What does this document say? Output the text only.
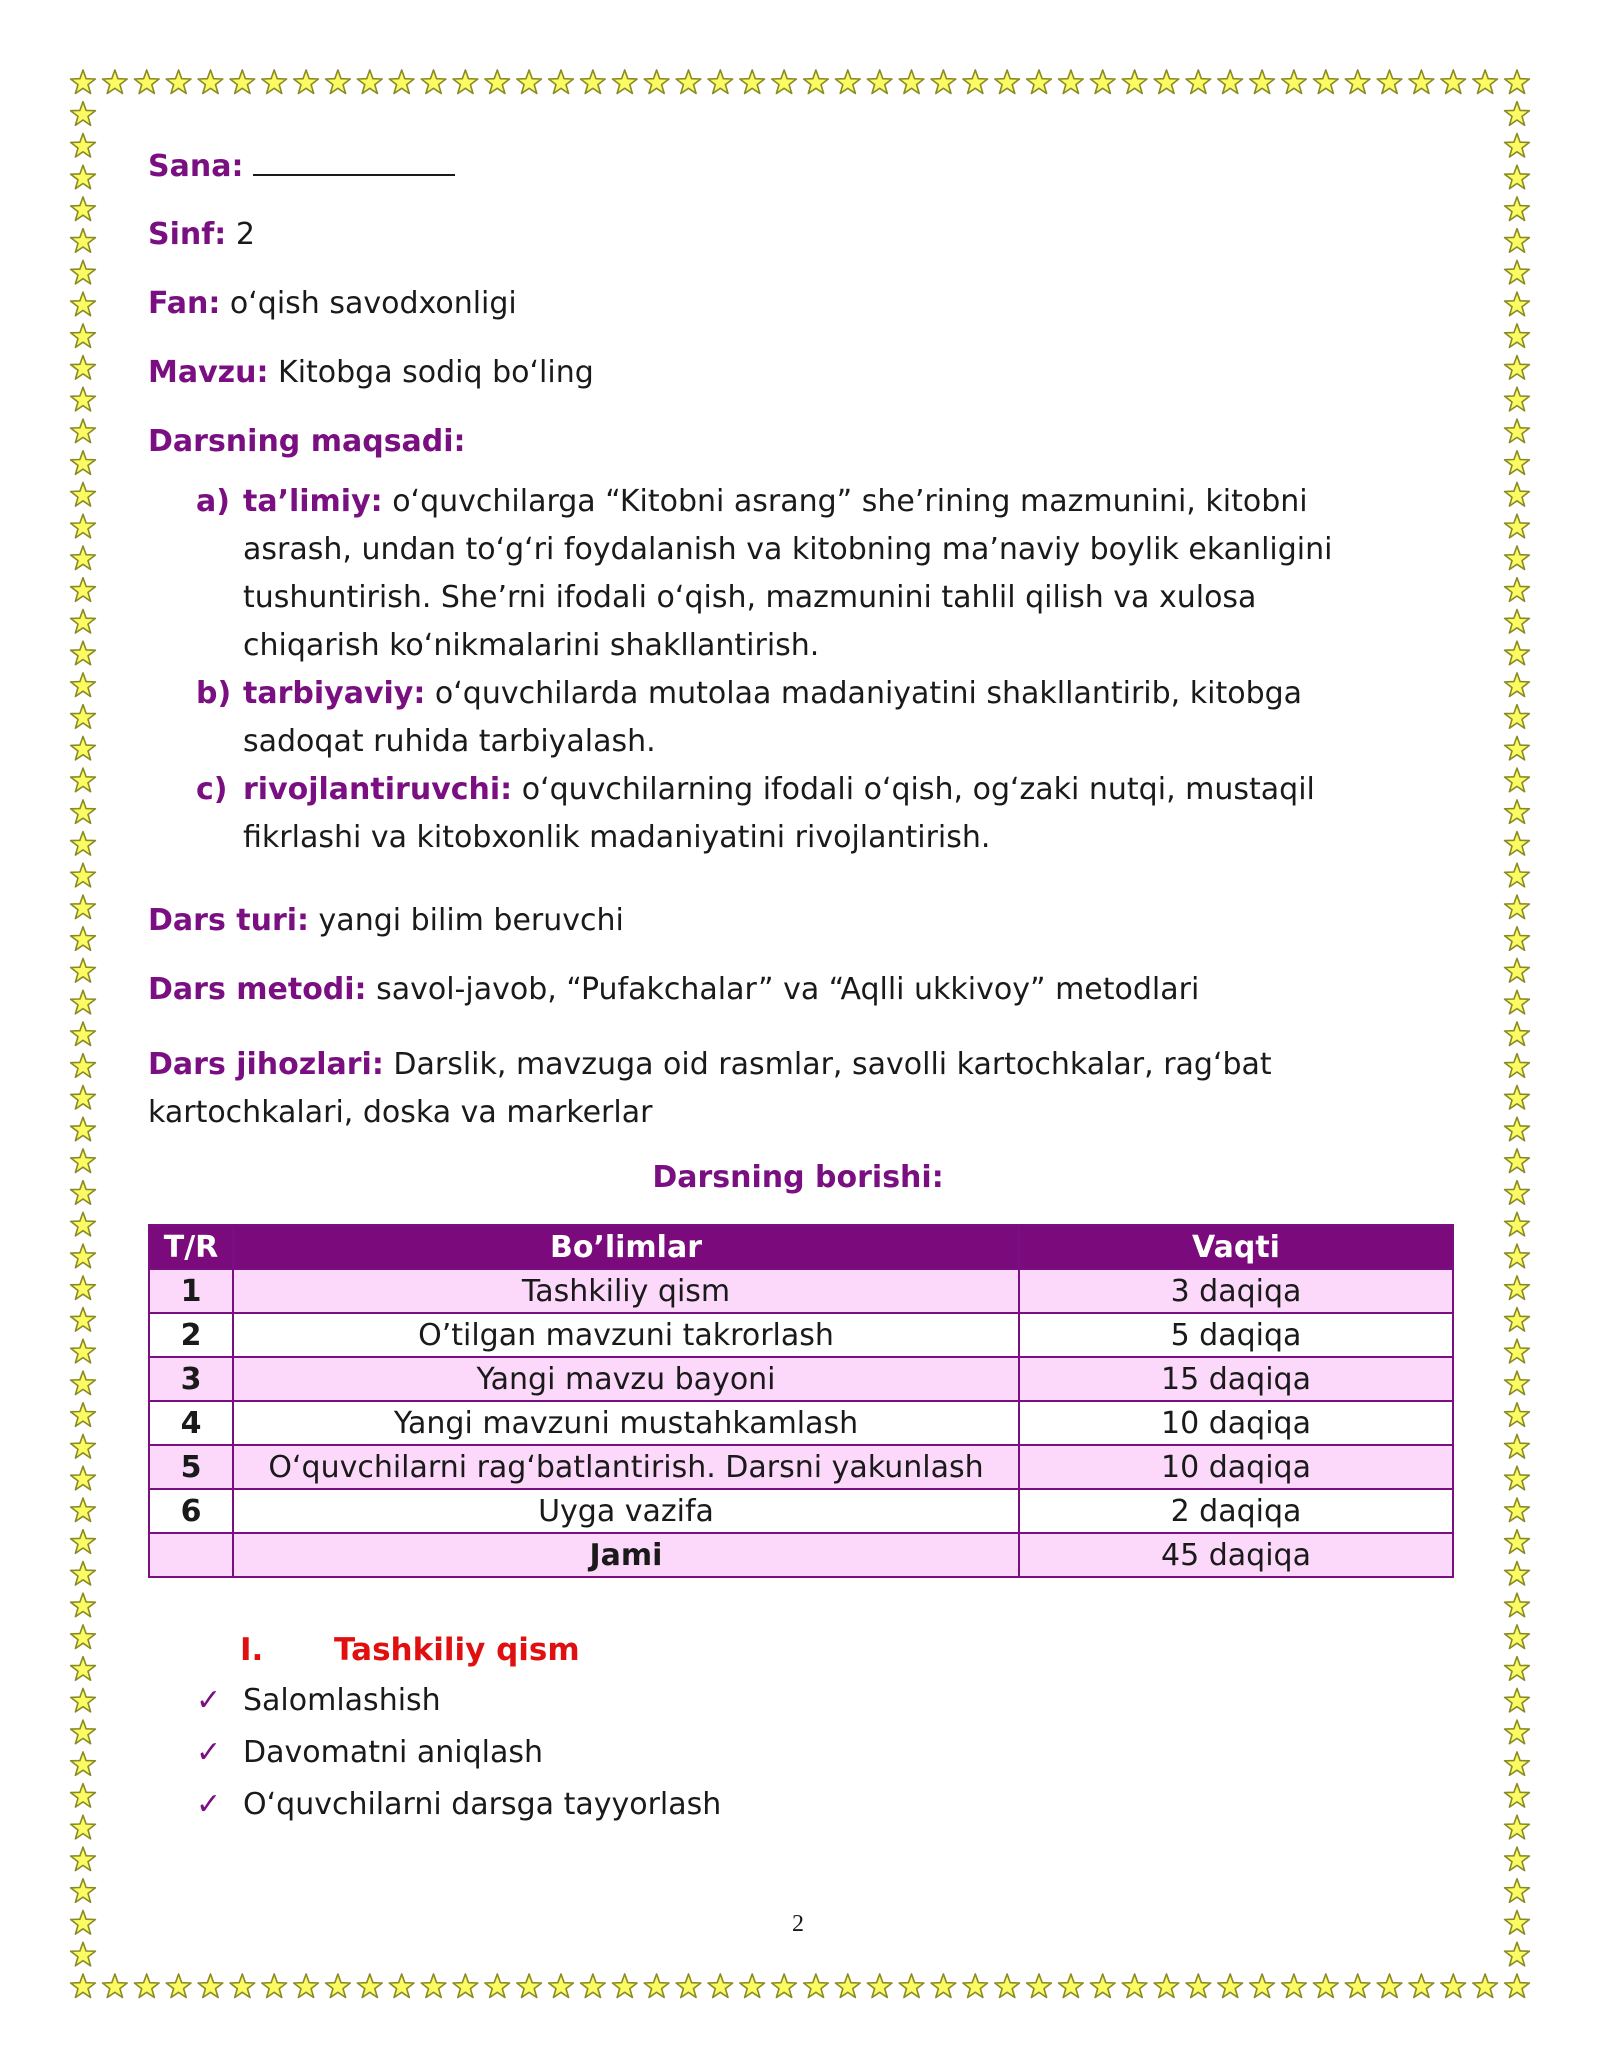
Sana:
Sinf: 2
Fan: o‘qish savodxonligi
Mavzu: Kitobga sodiq bo‘ling
Darsning maqsadi:
a) ta’limiy: o‘quvchilarga “Kitobni asrang” she’rining mazmunini, kitobni
asrash, undan to‘g‘ri foydalanish va kitobning ma’naviy boylik ekanligini
tushuntirish. She’rni ifodali o‘qish, mazmunini tahlil qilish va xulosa
chiqarish ko‘nikmalarini shakllantirish.
b) tarbiyaviy: o‘quvchilarda mutolaa madaniyatini shakllantirib, kitobga
sadoqat ruhida tarbiyalash.
c) rivojlantiruvchi: o‘quvchilarning ifodali o‘qish, og‘zaki nutqi, mustaqil
fikrlashi va kitobxonlik madaniyatini rivojlantirish.
Dars turi: yangi bilim beruvchi
Dars metodi: savol-javob, “Pufakchalar” va “Aqlli ukkivoy” metodlari
Dars jihozlari: Darslik, mavzuga oid rasmlar, savolli kartochkalar, rag‘bat
kartochkalari, doska va markerlar
Darsning borishi:
T/R	Bo’limlar	Vaqti
1	Tashkiliy qism	3 daqiqa
2	O’tilgan mavzuni takrorlash	5 daqiqa
3	Yangi mavzu bayoni	15 daqiqa
4	Yangi mavzuni mustahkamlash	10 daqiqa
5	O‘quvchilarni rag‘batlantirish. Darsni yakunlash	10 daqiqa
6	Uyga vazifa	2 daqiqa
	Jami	45 daqiqa
I. Tashkiliy qism
✓ Salomlashish
✓ Davomatni aniqlash
✓ O‘quvchilarni darsga tayyorlash
2
